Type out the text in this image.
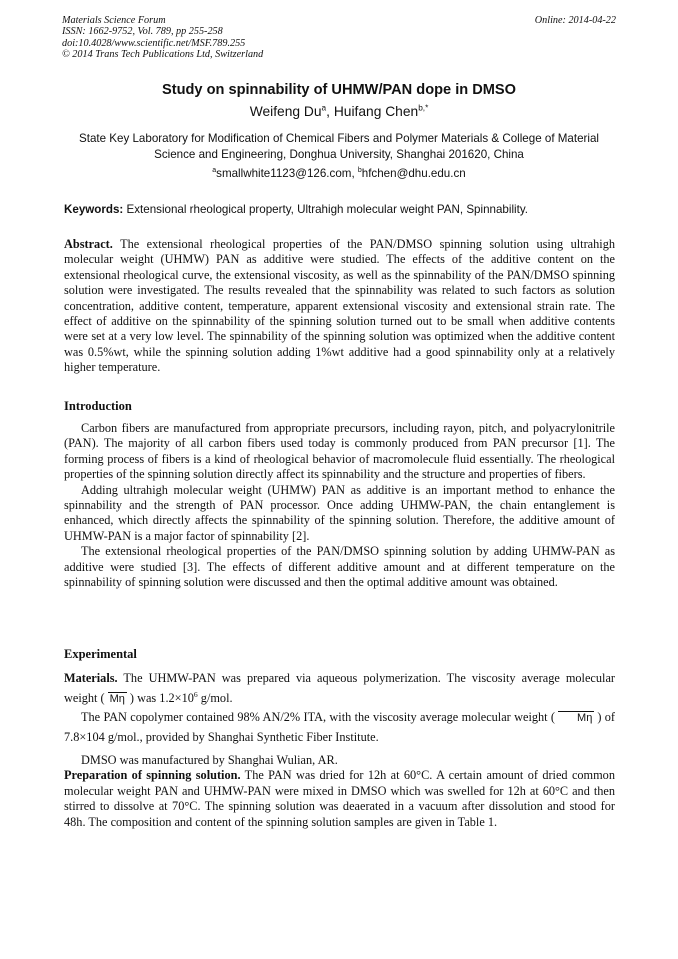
Materials Science Forum
ISSN: 1662-9752, Vol. 789, pp 255-258
doi:10.4028/www.scientific.net/MSF.789.255
© 2014 Trans Tech Publications Ltd, Switzerland
Online: 2014-04-22
Study on spinnability of UHMW/PAN dope in DMSO
Weifeng Du$^a$, Huifang Chen$^{b,*}$
State Key Laboratory for Modification of Chemical Fibers and Polymer Materials & College of Material Science and Engineering, Donghua University, Shanghai 201620, China
$^a$smallwhite1123@126.com, $^b$hfchen@dhu.edu.cn
Keywords: Extensional rheological property, Ultrahigh molecular weight PAN, Spinnability.

Abstract. The extensional rheological properties of the PAN/DMSO spinning solution using ultrahigh molecular weight (UHMW) PAN as additive were studied. The effects of the additive content on the extensional rheological curve, the extensional viscosity, as well as the spinnability of the PAN/DMSO spinning solution were investigated. The results revealed that the spinnability was related to such factors as solution concentration, additive content, temperature, apparent extensional viscosity and extensional strain rate. The effect of additive on the spinnability of the spinning solution turned out to be small when additive contents were set at a very low level. The spinnability of the spinning solution was optimized when the additive content was 0.5%wt, while the spinning solution adding 1%wt additive had a good spinnability only at a relatively higher temperature.

Introduction

Carbon fibers are manufactured from appropriate precursors, including rayon, pitch, and polyacrylonitrile (PAN). The majority of all carbon fibers used today is commonly produced from PAN precursor [1]. The forming process of fibers is a kind of rheological behavior of macromolecule fluid essentially. The rheological properties of the spinning solution directly affect its spinnability and the structure and properties of fibers.

Adding ultrahigh molecular weight (UHMW) PAN as additive is an important method to enhance the spinnability and the strength of PAN processor. Once adding UHMW-PAN, the chain entanglement is enhanced, which directly affects the spinnability of the spinning solution. Therefore, the additive amount of UHMW-PAN is a major factor of spinnability [2].

The extensional rheological properties of the PAN/DMSO spinning solution by adding UHMW-PAN as additive were studied [3]. The effects of different additive amount and at different temperature on the spinnability of spinning solution were discussed and then the optimal additive amount was obtained.

Experimental

Materials. The UHMW-PAN was prepared via aqueous polymerization. The viscosity average molecular weight ( Mη ) was $1.2\times 10^6$ g/mol.

The PAN copolymer contained 98% AN/2% ITA, with the viscosity average molecular weight ( Mη ) of 7.8×104 g/mol., provided by Shanghai Synthetic Fiber Institute.

DMSO was manufactured by Shanghai Wulian, AR.

Preparation of spinning solution. The PAN was dried for 12h at 60°C. A certain amount of dried common molecular weight PAN and UHMW-PAN were mixed in DMSO which was swelled for 12h at 60°C and then stirred to dissolve at 70°C. The spinning solution was deaerated in a vacuum after dissolution and stood for 48h. The composition and content of the spinning solution samples are given in Table 1.
